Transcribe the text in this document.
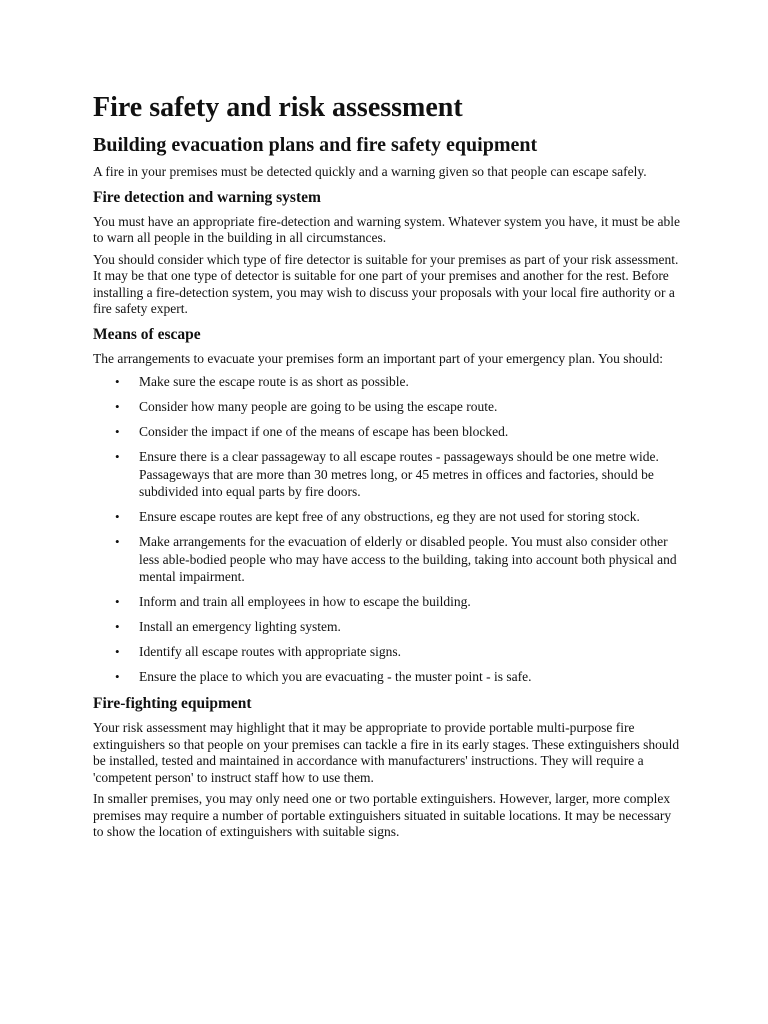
Fire safety and risk assessment
Building evacuation plans and fire safety equipment

A fire in your premises must be detected quickly and a warning given so that people can escape safely.

Fire detection and warning system

You must have an appropriate fire-detection and warning system. Whatever system you have, it must be able to warn all people in the building in all circumstances.

You should consider which type of fire detector is suitable for your premises as part of your risk assessment. It may be that one type of detector is suitable for one part of your premises and another for the rest. Before installing a fire-detection system, you may wish to discuss your proposals with your local fire authority or a fire safety expert.

Means of escape

The arrangements to evacuate your premises form an important part of your emergency plan. You should:

• Make sure the escape route is as short as possible.
• Consider how many people are going to be using the escape route.
• Consider the impact if one of the means of escape has been blocked.
• Ensure there is a clear passageway to all escape routes - passageways should be one metre wide. Passageways that are more than 30 metres long, or 45 metres in offices and factories, should be subdivided into equal parts by fire doors.
• Ensure escape routes are kept free of any obstructions, eg they are not used for storing stock.
• Make arrangements for the evacuation of elderly or disabled people. You must also consider other less able-bodied people who may have access to the building, taking into account both physical and mental impairment.
• Inform and train all employees in how to escape the building.
• Install an emergency lighting system.
• Identify all escape routes with appropriate signs.
• Ensure the place to which you are evacuating - the muster point - is safe.
Fire-fighting equipment

Your risk assessment may highlight that it may be appropriate to provide portable multi-purpose fire extinguishers so that people on your premises can tackle a fire in its early stages. These extinguishers should be installed, tested and maintained in accordance with manufacturers' instructions. They will require a 'competent person' to instruct staff how to use them.

In smaller premises, you may only need one or two portable extinguishers. However, larger, more complex premises may require a number of portable extinguishers situated in suitable locations. It may be necessary to show the location of extinguishers with suitable signs.
